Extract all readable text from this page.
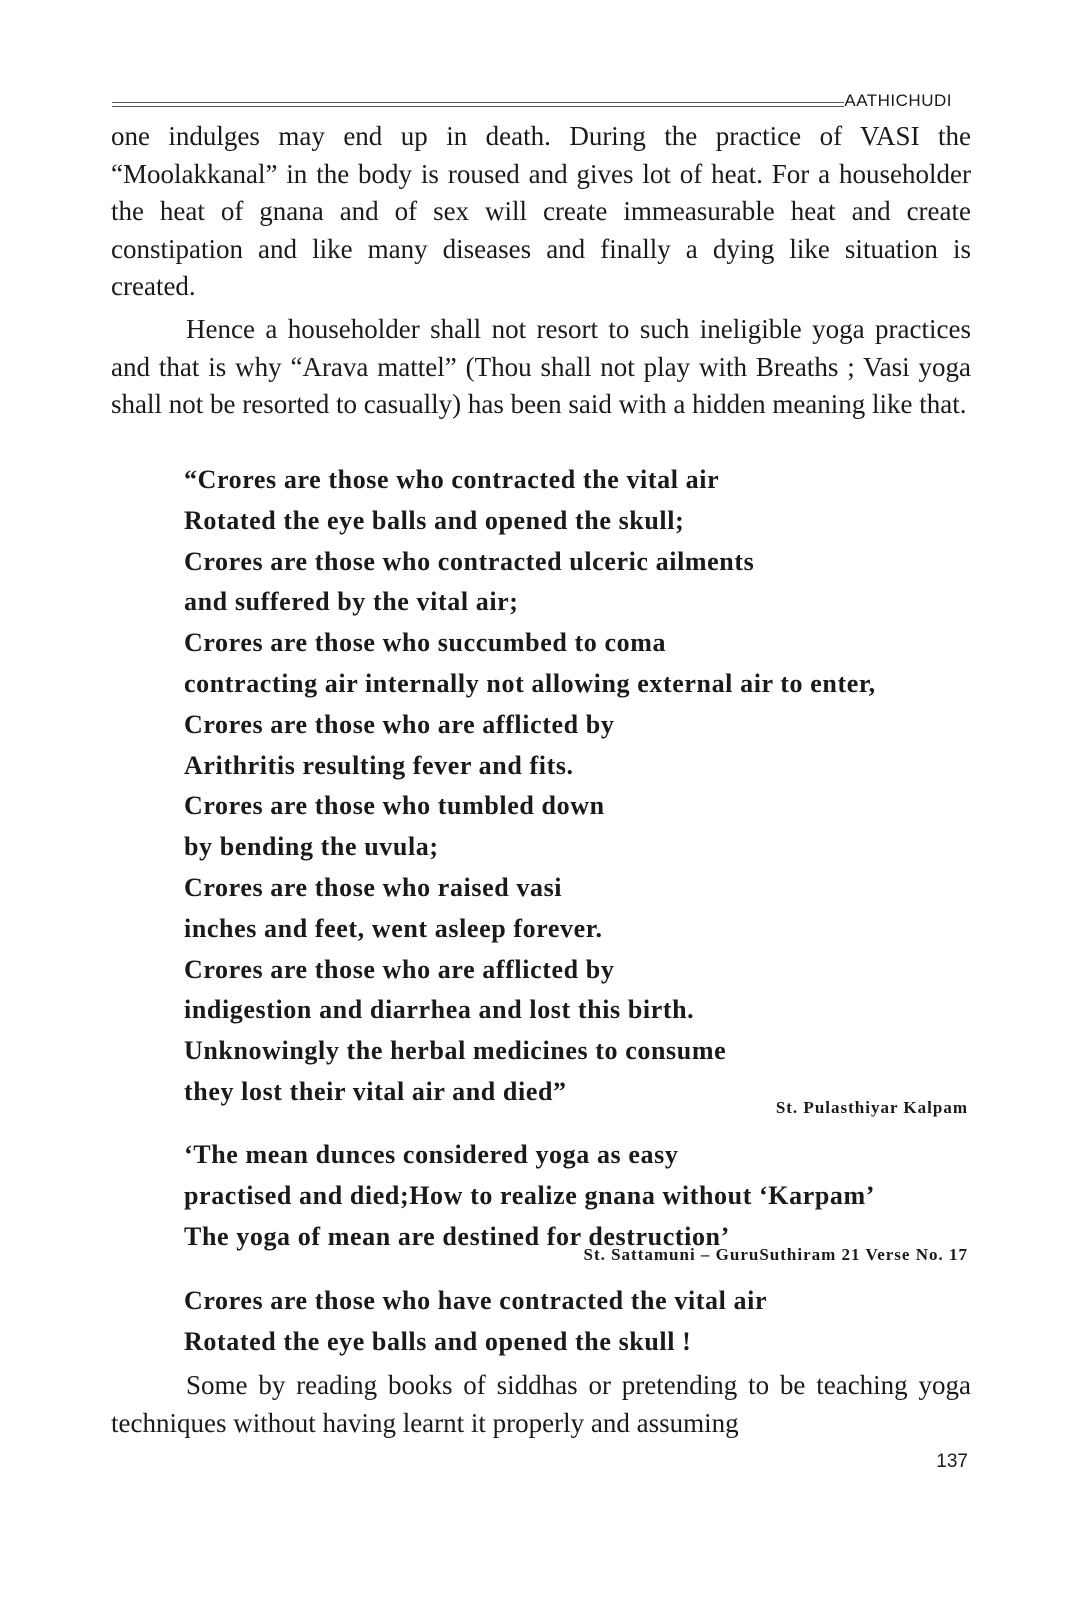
AATHICHUDI

one indulges may end up in death. During the practice of VASI the “Moolakkanal” in the body is roused and gives lot of heat. For a householder the heat of gnana and of sex will create immeasurable heat and create constipation and like many diseases and finally a dying like situation is created.

Hence a householder shall not resort to such ineligible yoga practices and that is why “Arava mattel” (Thou shall not play with Breaths ; Vasi yoga shall not be resorted to casually) has been said with a hidden meaning like that.

“Crores are those who contracted the vital air
Rotated the eye balls and opened the skull;
Crores are those who contracted ulceric ailments
and suffered by the vital air;
Crores are those who succumbed to coma
contracting air internally not allowing external air to enter,
Crores are those who are afflicted by
Arithritis resulting fever and fits.
Crores are those who tumbled down
by bending the uvula;
Crores are those who raised vasi
inches and feet, went asleep forever.
Crores are those who are afflicted by
indigestion and diarrhea and lost this birth.
Unknowingly the herbal medicines to consume
they lost their vital air and died”
St. Pulasthiyar Kalpam
‘The mean dunces considered yoga as easy
practised and died;How to realize gnana without ‘Karpam’
The yoga of mean are destined for destruction’
St. Sattamuni – GuruSuthiram 21 Verse No. 17
Crores are those who have contracted the vital air
Rotated the eye balls and opened the skull !

Some by reading books of siddhas or pretending to be teaching yoga techniques without having learnt it properly and assuming

137
